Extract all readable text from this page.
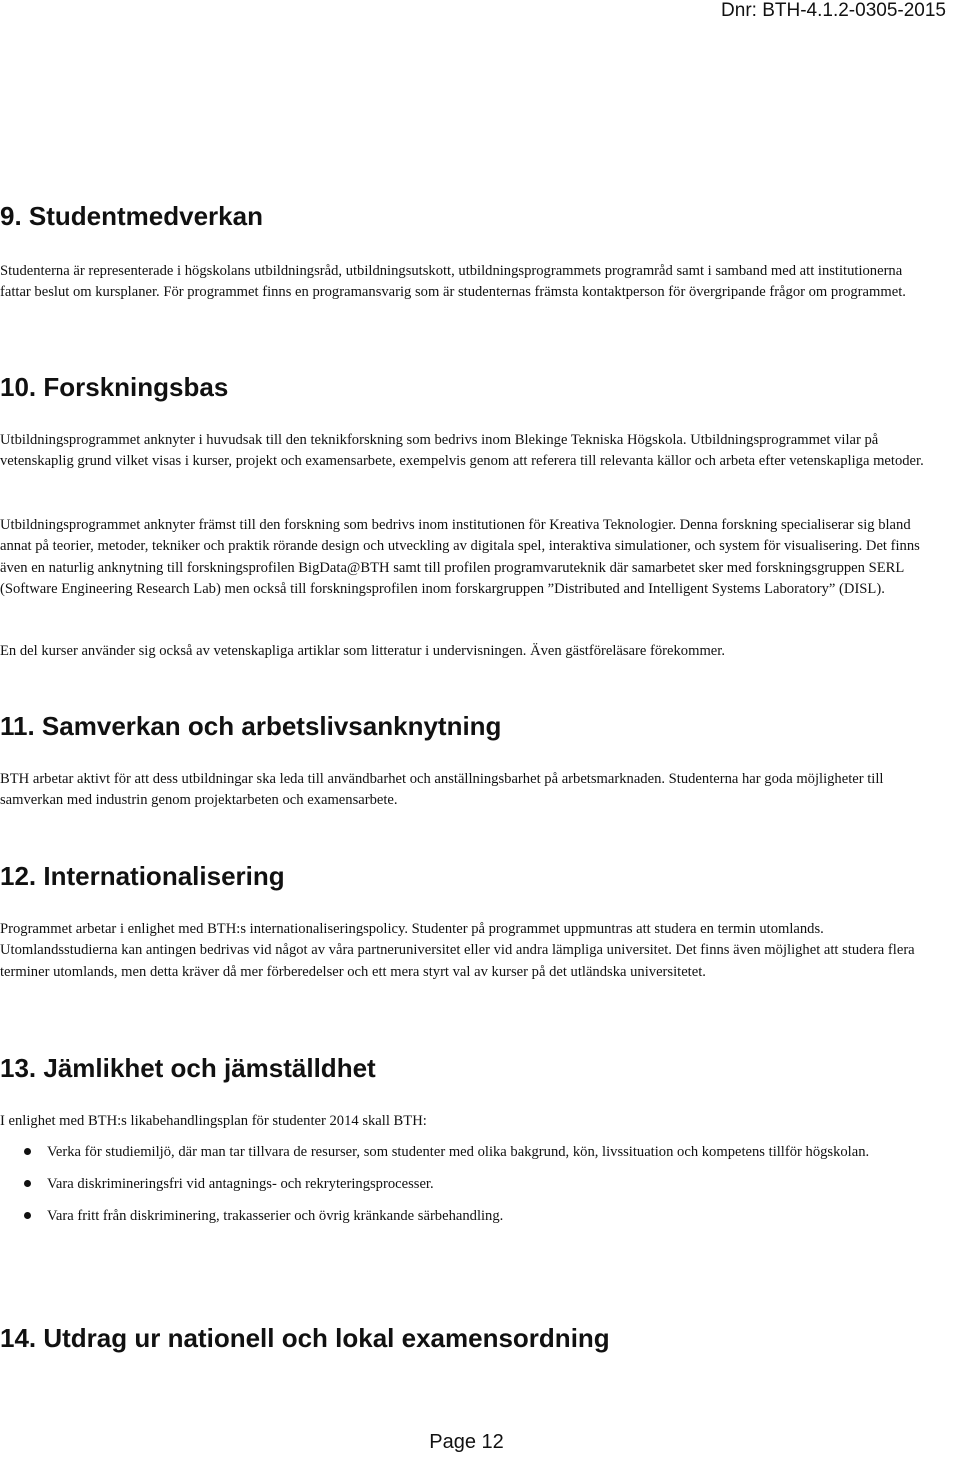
Dnr: BTH-4.1.2-0305-2015
9. Studentmedverkan

Studenterna är representerade i högskolans utbildningsråd, utbildningsutskott, utbildningsprogrammets programråd samt i samband med att institutionerna fattar beslut om kursplaner. För programmet finns en programansvarig som är studenternas främsta kontaktperson för övergripande frågor om programmet.

10. Forskningsbas

Utbildningsprogrammet anknyter i huvudsak till den teknikforskning som bedrivs inom Blekinge Tekniska Högskola. Utbildningsprogrammet vilar på vetenskaplig grund vilket visas i kurser, projekt och examensarbete, exempelvis genom att referera till relevanta källor och arbeta efter vetenskapliga metoder.

Utbildningsprogrammet anknyter främst till den forskning som bedrivs inom institutionen för Kreativa Teknologier. Denna forskning specialiserar sig bland annat på teorier, metoder, tekniker och praktik rörande design och utveckling av digitala spel, interaktiva simulationer, och system för visualisering. Det finns även en naturlig anknytning till forskningsprofilen BigData@BTH samt till profilen programvaruteknik där samarbetet sker med forskningsgruppen SERL (Software Engineering Research Lab) men också till forskningsprofilen inom forskargruppen ”Distributed and Intelligent Systems Laboratory” (DISL).

En del kurser använder sig också av vetenskapliga artiklar som litteratur i undervisningen. Även gästföreläsare förekommer.

11. Samverkan och arbetslivsanknytning

BTH arbetar aktivt för att dess utbildningar ska leda till användbarhet och anställningsbarhet på arbetsmarknaden. Studenterna har goda möjligheter till samverkan med industrin genom projektarbeten och examensarbete.

12. Internationalisering

Programmet arbetar i enlighet med BTH:s internationaliseringspolicy. Studenter på programmet uppmuntras att studera en termin utomlands. Utomlandsstudierna kan antingen bedrivas vid något av våra partneruniversitet eller vid andra lämpliga universitet. Det finns även möjlighet att studera flera terminer utomlands, men detta kräver då mer förberedelser och ett mera styrt val av kurser på det utländska universitetet.

13. Jämlikhet och jämställdhet

I enlighet med BTH:s likabehandlingsplan för studenter 2014 skall BTH:

Verka för studiemiljö, där man tar tillvara de resurser, som studenter med olika bakgrund, kön, livssituation och kompetens tillför högskolan.
Vara diskrimineringsfri vid antagnings- och rekryteringsprocesser.
Vara fritt från diskriminering, trakasserier och övrig kränkande särbehandling.
14. Utdrag ur nationell och lokal examensordning
Page 12
